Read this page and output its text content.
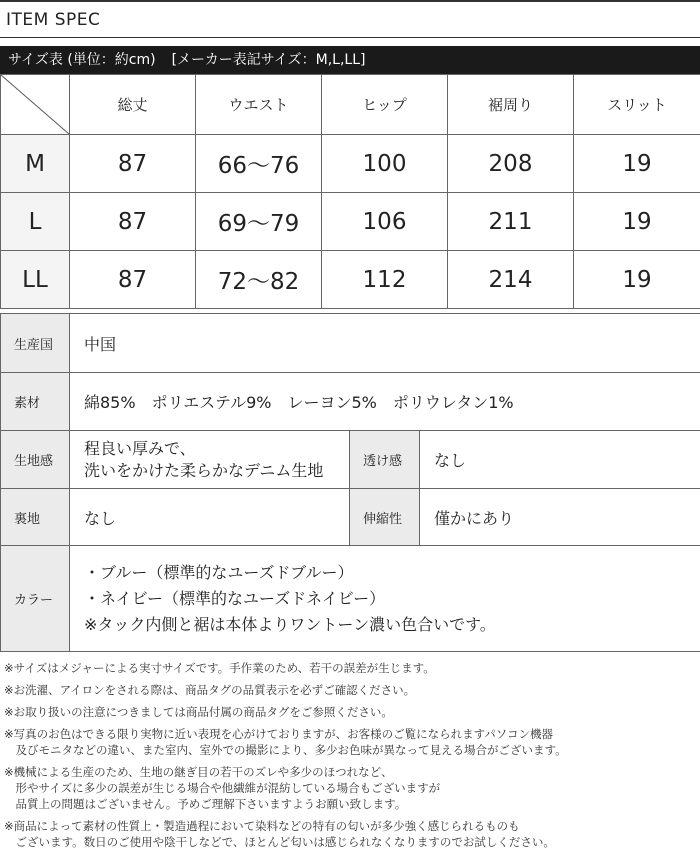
ITEM SPEC
サイズ表 (単位：約cm) [メーカー表記サイズ：M,L,LL]
	総丈	ウエスト	ヒップ	裾周り	スリット
M	87	66〜76	100	208	19
L	87	69〜79	106	211	19
LL	87	72〜82	112	214	19
生産国	中国		
素材	綿85%　ポリエステル9%　レーヨン5%　ポリウレタン1%		
生地感	程良い厚みで、
洗いをかけた柔らかなデニム生地	透け感	なし
裏地	なし	伸縮性	僅かにあり
カラー	・ブルー（標準的なユーズドブルー）
・ネイビー（標準的なユーズドネイビー）
※タック内側と裾は本体よりワントーン濃い色合いです。		
※サイズはメジャーによる実寸サイズです。手作業のため、若干の誤差が生じます。
※お洗濯、アイロンをされる際は、商品タグの品質表示を必ずご確認ください。
※お取り扱いの注意につきましては商品付属の商品タグをご参照ください。
※写真のお色はできる限り実物に近い表現を心がけておりますが、お客様のご覧になられますパソコン機器
　及びモニタなどの違い、また室内、室外での撮影により、多少お色味が異なって見える場合がございます。
※機械による生産のため、生地の継ぎ目の若干のズレや多少のほつれなど、
　形やサイズに多少の誤差が生じる場合や他繊維が混紡している場合もございますが
　品質上の問題はございません。予めご理解下さいますようお願い致します。
※商品によって素材の性質上・製造過程において染料などの特有の匂いが多少強く感じられるものも
　ございます。数日のご使用や陰干しなどで、ほとんど匂いは感じられなくなりますのでお試しください。
